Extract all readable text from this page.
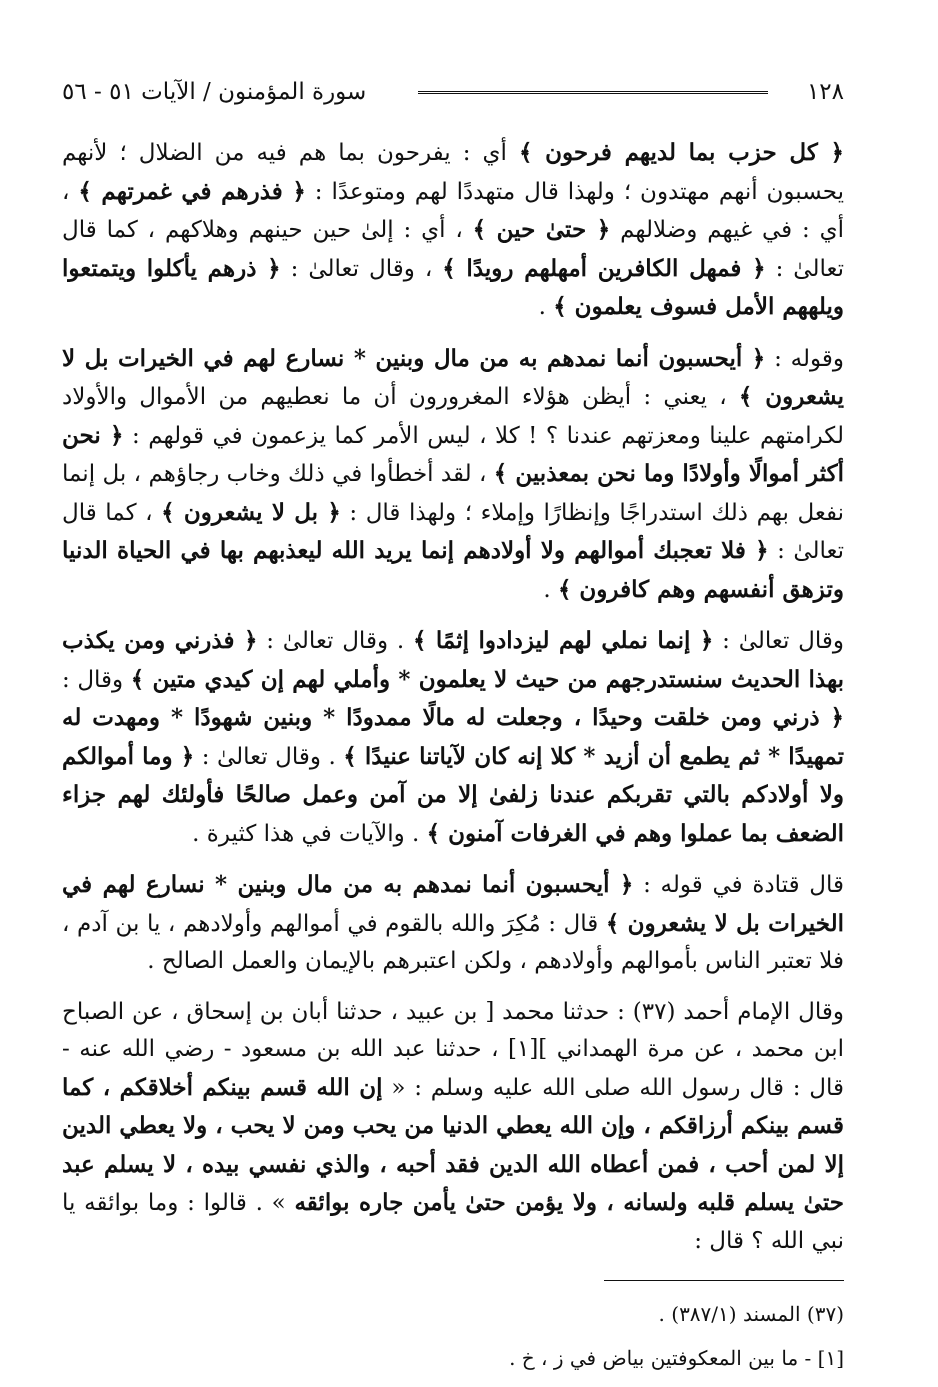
١٢٨
سورة المؤمنون / الآيات ٥١ - ٥٦

﴿ كل حزب بما لديهم فرحون ﴾ أي : يفرحون بما هم فيه من الضلال ؛ لأنهم يحسبون أنهم مهتدون ؛ ولهذا قال متهددًا لهم ومتوعدًا : ﴿ فذرهم في غمرتهم ﴾ ، أي : في غيهم وضلالهم ﴿ حتىٰ حين ﴾ ، أي : إلىٰ حين حينهم وهلاكهم ، كما قال تعالىٰ : ﴿ فمهل الكافرين أمهلهم رويدًا ﴾ ، وقال تعالىٰ : ﴿ ذرهم يأكلوا ويتمتعوا ويلههم الأمل فسوف يعلمون ﴾ .

وقوله : ﴿ أيحسبون أنما نمدهم به من مال وبنين * نسارع لهم في الخيرات بل لا يشعرون ﴾ ، يعني : أيظن هؤلاء المغرورون أن ما نعطيهم من الأموال والأولاد لكرامتهم علينا ومعزتهم عندنا ؟ ! كلا ، ليس الأمر كما يزعمون في قولهم : ﴿ نحن أكثر أموالًا وأولادًا وما نحن بمعذبين ﴾ ، لقد أخطأوا في ذلك وخاب رجاؤهم ، بل إنما نفعل بهم ذلك استدراجًا وإنظارًا وإملاء ؛ ولهذا قال : ﴿ بل لا يشعرون ﴾ ، كما قال تعالىٰ : ﴿ فلا تعجبك أموالهم ولا أولادهم إنما يريد الله ليعذبهم بها في الحياة الدنيا وتزهق أنفسهم وهم كافرون ﴾ .

وقال تعالىٰ : ﴿ إنما نملي لهم ليزدادوا إثمًا ﴾ . وقال تعالىٰ : ﴿ فذرني ومن يكذب بهذا الحديث سنستدرجهم من حيث لا يعلمون * وأملي لهم إن كيدي متين ﴾ وقال : ﴿ ذرني ومن خلقت وحيدًا ، وجعلت له مالًا ممدودًا * وبنين شهودًا * ومهدت له تمهيدًا * ثم يطمع أن أزيد * كلا إنه كان لآياتنا عنيدًا ﴾ . وقال تعالىٰ : ﴿ وما أموالكم ولا أولادكم بالتي تقربكم عندنا زلفىٰ إلا من آمن وعمل صالحًا فأولئك لهم جزاء الضعف بما عملوا وهم في الغرفات آمنون ﴾ . والآيات في هذا كثيرة .

قال قتادة في قوله : ﴿ أيحسبون أنما نمدهم به من مال وبنين * نسارع لهم في الخيرات بل لا يشعرون ﴾ قال : مُكِرَ والله بالقوم في أموالهم وأولادهم ، يا بن آدم ، فلا تعتبر الناس بأموالهم وأولادهم ، ولكن اعتبرهم بالإيمان والعمل الصالح .

وقال الإمام أحمد (٣٧) : حدثنا محمد [ بن عبيد ، حدثنا أبان بن إسحاق ، عن الصباح ابن محمد ، عن مرة الهمداني ][١] ، حدثنا عبد الله بن مسعود - رضي الله عنه - قال : قال رسول الله صلى الله عليه وسلم : « إن الله قسم بينكم أخلاقكم ، كما قسم بينكم أرزاقكم ، وإن الله يعطي الدنيا من يحب ومن لا يحب ، ولا يعطي الدين إلا لمن أحب ، فمن أعطاه الله الدين فقد أحبه ، والذي نفسي بيده ، لا يسلم عبد حتىٰ يسلم قلبه ولسانه ، ولا يؤمن حتىٰ يأمن جاره بوائقه » . قالوا : وما بوائقه يا نبي الله ؟ قال :

(٣٧) المسند (٣٨٧/١) .
[١] - ما بين المعكوفتين بياض في ز ، خ .
